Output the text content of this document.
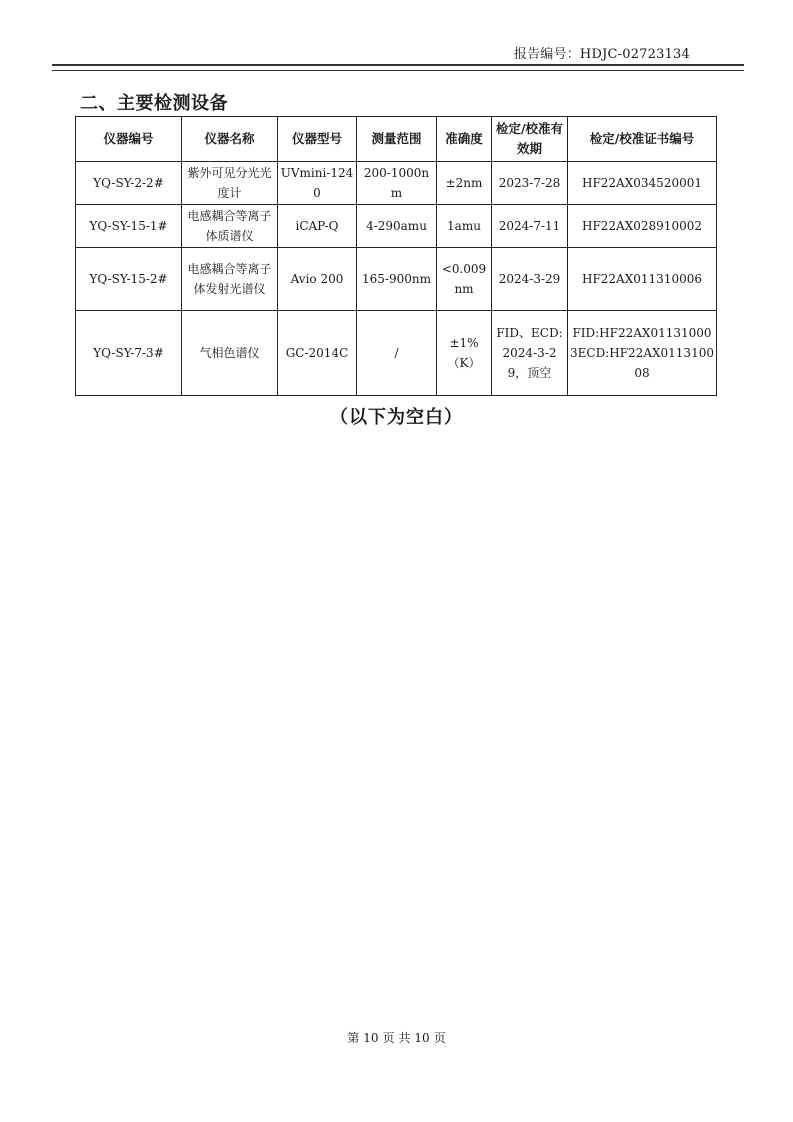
报告编号：HDJC-02723134
二、主要检测设备
仪器编号	仪器名称	仪器型号	测量范围	准确度	检定/校准有效期	检定/校准证书编号
YQ-SY-2-2#	紫外可见分光光度计	UVmini-1240	200-1000nm	±2nm	2023-7-28	HF22AX034520001
YQ-SY-15-1#	电感耦合等离子体质谱仪	iCAP-Q	4-290amu	1amu	2024-7-11	HF22AX028910002
YQ-SY-15-2#	电感耦合等离子体发射光谱仪	Avio 200	165-900nm	<0.009nm	2024-3-29	HF22AX011310006
YQ-SY-7-3#	气相色谱仪	GC-2014C	/	±1%（K）	FID、ECD:2024-3-29，顶空	FID:HF22AX011310003ECD:HF22AX011310008
（以下为空白）
第 10 页 共 10 页
